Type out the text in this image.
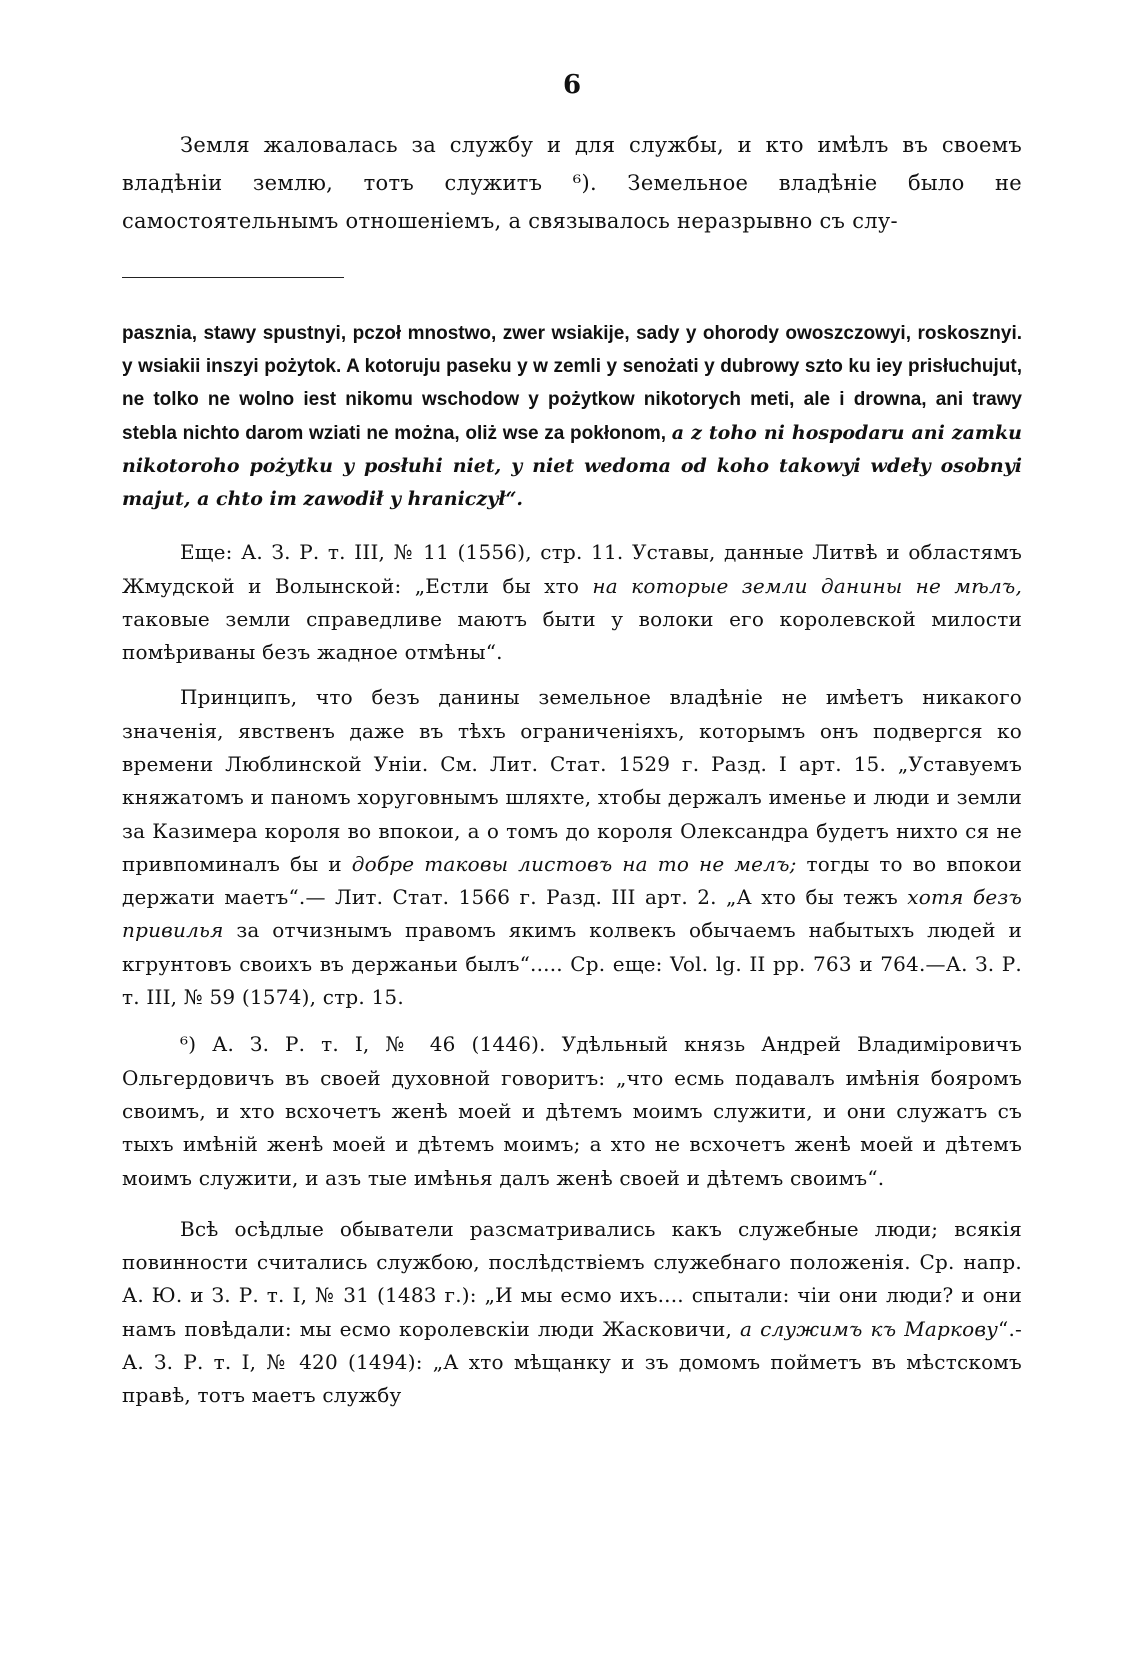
6

Земля жаловалась за службу и для службы, и кто имѣлъ въ своемъ владѣніи землю, тотъ служитъ ⁶). Земельное владѣніе было не самостоятельнымъ отношеніемъ, а связывалось неразрывно съ слу-

pasznia, stawy spustnyi, pczoł mnostwo, zwer wsiakije, sady y ohorody owoszczowyi, roskosznyi. y wsiakii inszyi pożytok. A kotoruju paseku y w zemli y senożati y dubrowy szto ku iey prisłuchujut, ne tolko ne wolno iest nikomu wschodow y pożytkow nikotorych meti, ale i drowna, ani trawy stebla nichto darom wziati ne można, oliż wse za pokłonom, a z toho ni hospodaru ani zamku nikotoroho pożytku y posłuhi niet, y niet wedoma od koho takowyi wdeły osobnyi majut, a chto im zawodił y hraniczył“.

Еще: А. З. Р. т. III, № 11 (1556), стр. 11. Уставы, данные Литвѣ и областямъ Жмудской и Волынской: „Естли бы хто на которые земли данины не мѣлъ, таковые земли справедливе маютъ быти у волоки его королевской милости помѣриваны безъ жадное отмѣны“.

Принципъ, что безъ данины земельное владѣніе не имѣетъ никакого значенія, явственъ даже въ тѣхъ ограниченіяхъ, которымъ онъ подвергся ко времени Люблинской Уніи. См. Лит. Стат. 1529 г. Разд. I арт. 15. „Уставуемъ княжатомъ и паномъ хоруговнымъ шляхте, хтобы держалъ именье и люди и земли за Казимера короля во впокои, а о томъ до короля Олександра будетъ нихто ся не привпоминалъ бы и добре таковы листовъ на то не мелъ; тогды то во впокои держати маетъ“.— Лит. Стат. 1566 г. Разд. III арт. 2. „А хто бы тежъ хотя безъ привилья за отчизнымъ правомъ якимъ колвекъ обычаемъ набытыхъ людей и кгрунтовъ своихъ въ держаньи былъ“..... Ср. еще: Vol. lg. II pp. 763 и 764.—А. З. Р. т. III, № 59 (1574), стр. 15.

⁶) А. З. Р. т. I, № 46 (1446). Удѣльный князь Андрей Владиміровичъ Ольгердовичъ въ своей духовной говоритъ: „что есмь подавалъ имѣнія бояромъ своимъ, и хто всхочетъ женѣ моей и дѣтемъ моимъ служити, и они служатъ съ тыхъ имѣній женѣ моей и дѣтемъ моимъ; а хто не всхочетъ женѣ моей и дѣтемъ моимъ служити, и азъ тые имѣнья далъ женѣ своей и дѣтемъ своимъ“.

Всѣ осѣдлые обыватели разсматривались какъ служебные люди; всякія повинности считались службою, послѣдствіемъ служебнаго положенія. Ср. напр. А. Ю. и З. Р. т. I, № 31 (1483 г.): „И мы есмо ихъ.... спытали: чіи они люди? и они намъ повѣдали: мы есмо королевскіи люди Жасковичи, а служимъ къ Маркову“.- А. З. Р. т. I, № 420 (1494): „А хто мѣщанку и зъ домомъ пойметъ въ мѣстскомъ правѣ, тотъ маетъ службу
